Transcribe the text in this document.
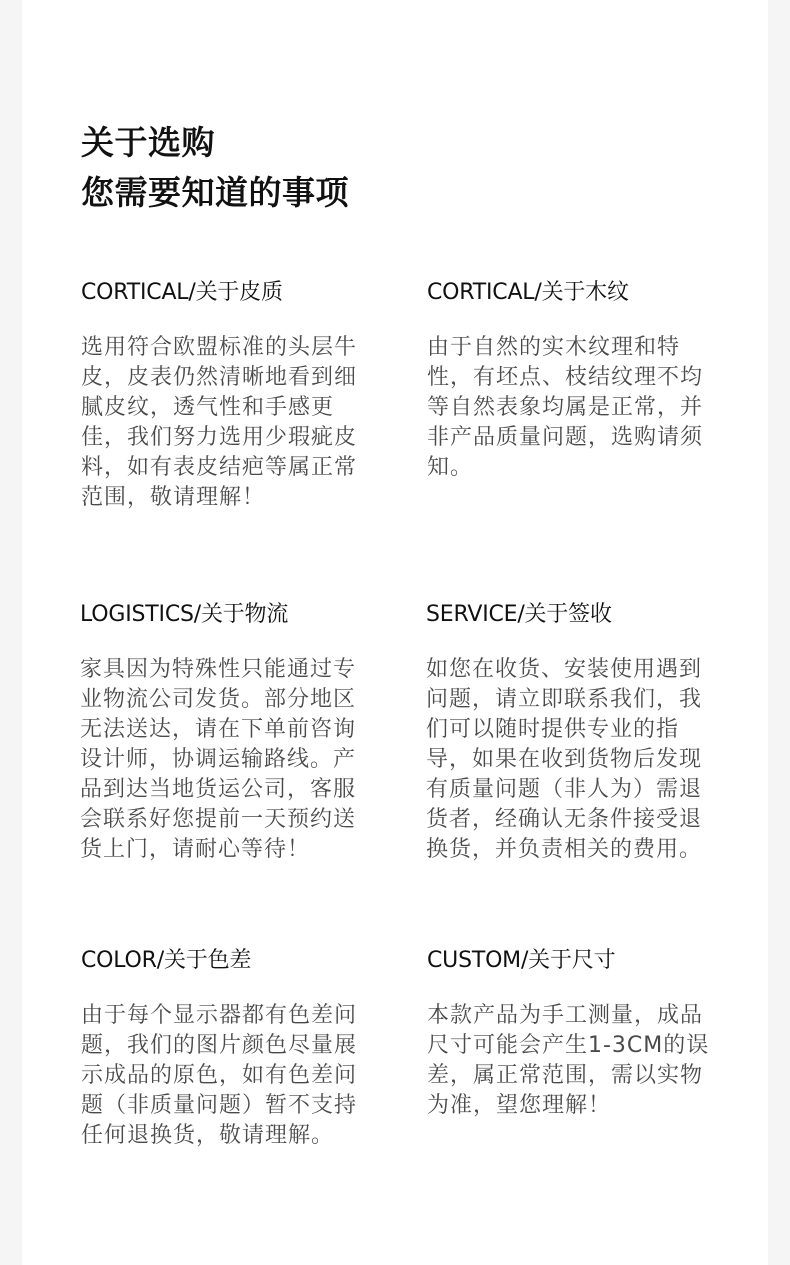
关于选购
您需要知道的事项
CORTICAL/关于皮质

选用符合欧盟标准的头层牛皮，皮表仍然清晰地看到细腻皮纹，透气性和手感更佳，我们努力选用少瑕疵皮料，如有表皮结疤等属正常范围，敬请理解！

CORTICAL/关于木纹

由于自然的实木纹理和特性，有坯点、枝结纹理不均等自然表象均属是正常，并非产品质量问题，选购请须知。

LOGISTICS/关于物流

家具因为特殊性只能通过专业物流公司发货。部分地区无法送达，请在下单前咨询设计师，协调运输路线。产品到达当地货运公司，客服会联系好您提前一天预约送货上门，请耐心等待！

SERVICE/关于签收

如您在收货、安装使用遇到问题，请立即联系我们，我们可以随时提供专业的指导，如果在收到货物后发现有质量问题（非人为）需退货者，经确认无条件接受退换货，并负责相关的费用。

COLOR/关于色差

由于每个显示器都有色差问题，我们的图片颜色尽量展示成品的原色，如有色差问题（非质量问题）暂不支持任何退换货，敬请理解。

CUSTOM/关于尺寸

本款产品为手工测量，成品尺寸可能会产生1-3CM的误差，属正常范围，需以实物为准，望您理解！
